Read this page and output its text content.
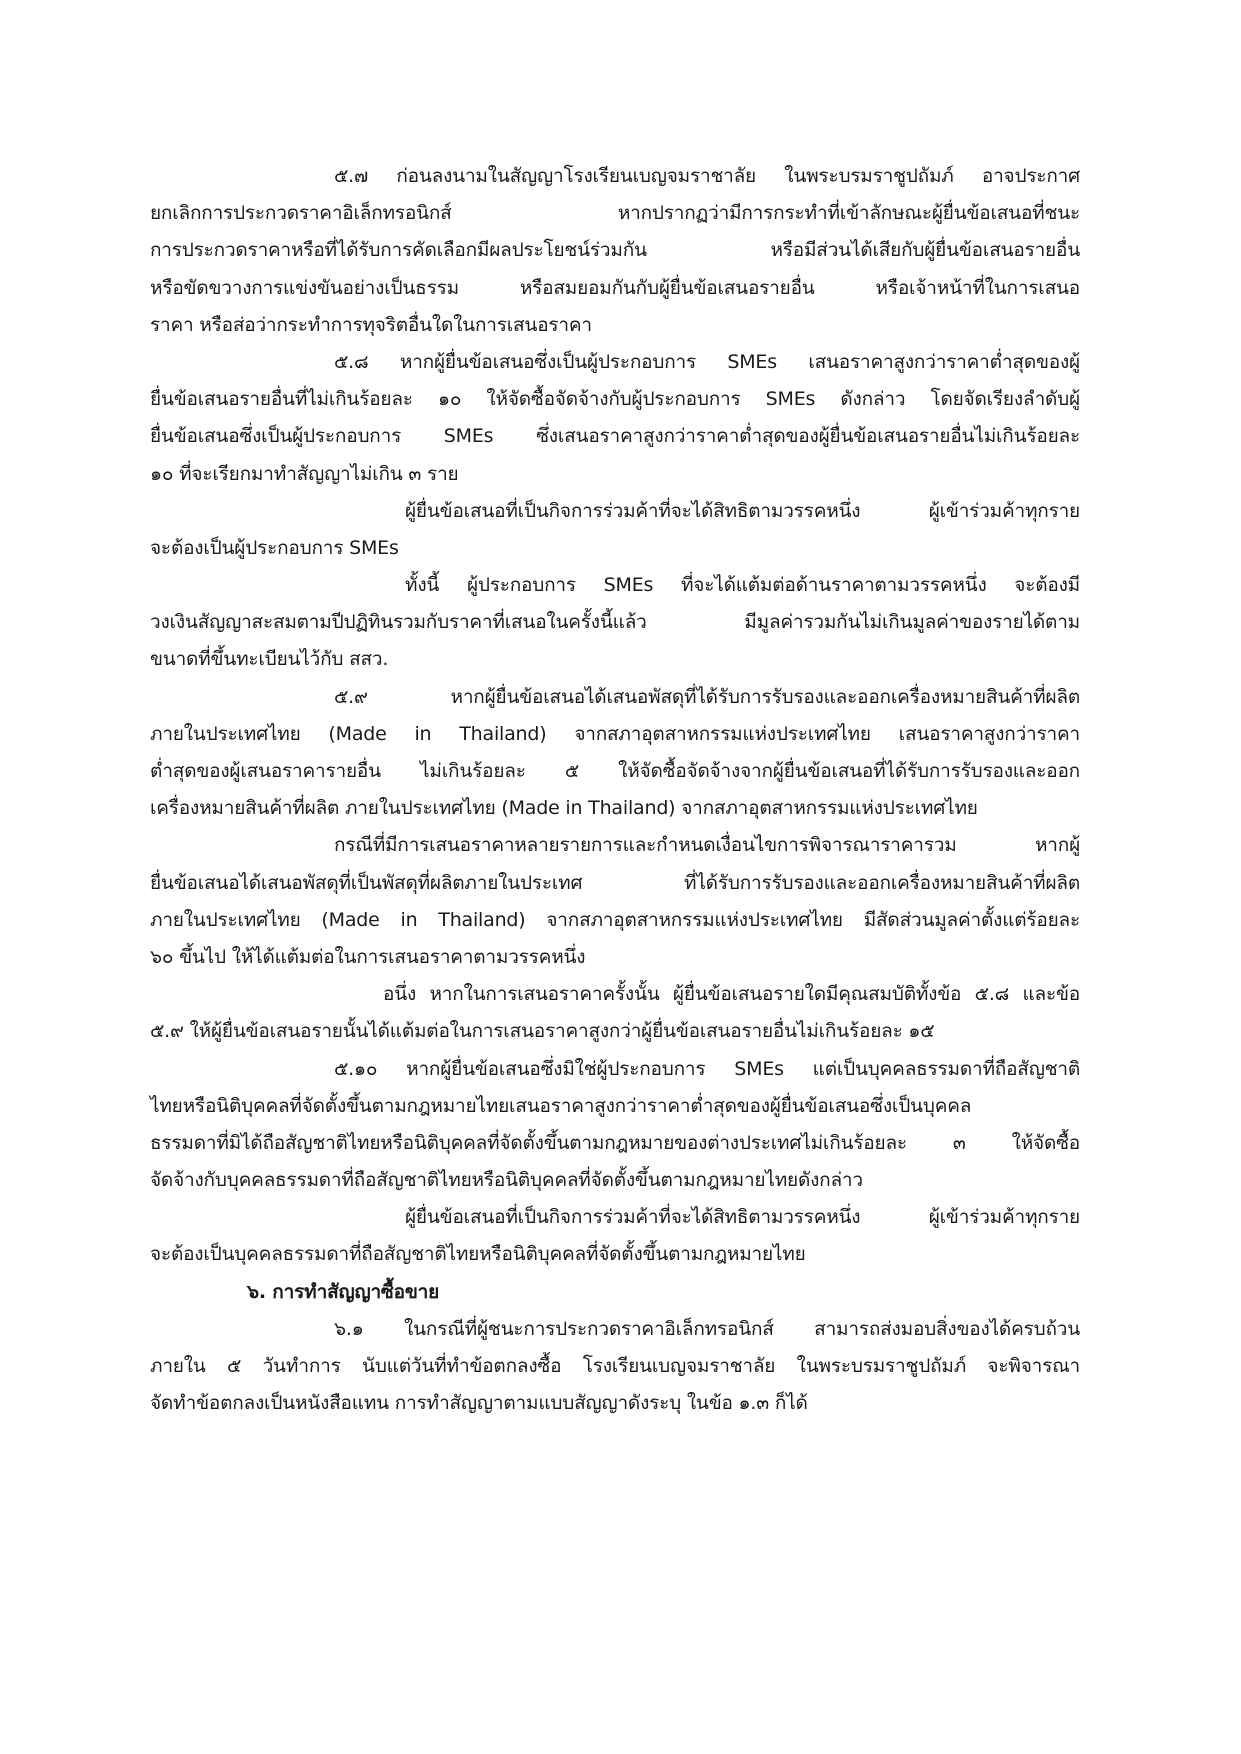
๕.๗ ก่อนลงนามในสัญญาโรงเรียนเบญจมราชาลัย ในพระบรมราชูปถัมภ์ อาจประกาศ
ยกเลิกการประกวดราคาอิเล็กทรอนิกส์ หากปรากฏว่ามีการกระทำที่เข้าลักษณะผู้ยื่นข้อเสนอที่ชนะ
การประกวดราคาหรือที่ได้รับการคัดเลือกมีผลประโยชน์ร่วมกัน หรือมีส่วนได้เสียกับผู้ยื่นข้อเสนอรายอื่น
หรือขัดขวางการแข่งขันอย่างเป็นธรรม หรือสมยอมกันกับผู้ยื่นข้อเสนอรายอื่น หรือเจ้าหน้าที่ในการเสนอ
ราคา หรือส่อว่ากระทำการทุจริตอื่นใดในการเสนอราคา
๕.๘ หากผู้ยื่นข้อเสนอซึ่งเป็นผู้ประกอบการ SMEs เสนอราคาสูงกว่าราคาต่ำสุดของผู้
ยื่นข้อเสนอรายอื่นที่ไม่เกินร้อยละ ๑๐ ให้จัดซื้อจัดจ้างกับผู้ประกอบการ SMEs ดังกล่าว โดยจัดเรียงลำดับผู้
ยื่นข้อเสนอซึ่งเป็นผู้ประกอบการ SMEs ซึ่งเสนอราคาสูงกว่าราคาต่ำสุดของผู้ยื่นข้อเสนอรายอื่นไม่เกินร้อยละ
๑๐ ที่จะเรียกมาทำสัญญาไม่เกิน ๓ ราย
ผู้ยื่นข้อเสนอที่เป็นกิจการร่วมค้าที่จะได้สิทธิตามวรรคหนึ่ง ผู้เข้าร่วมค้าทุกราย
จะต้องเป็นผู้ประกอบการ SMEs
ทั้งนี้ ผู้ประกอบการ SMEs ที่จะได้แต้มต่อด้านราคาตามวรรคหนึ่ง จะต้องมี
วงเงินสัญญาสะสมตามปีปฏิทินรวมกับราคาที่เสนอในครั้งนี้แล้ว มีมูลค่ารวมกันไม่เกินมูลค่าของรายได้ตาม
ขนาดที่ขึ้นทะเบียนไว้กับ สสว.
๕.๙ หากผู้ยื่นข้อเสนอได้เสนอพัสดุที่ได้รับการรับรองและออกเครื่องหมายสินค้าที่ผลิต
ภายในประเทศไทย (Made in Thailand) จากสภาอุตสาหกรรมแห่งประเทศไทย เสนอราคาสูงกว่าราคา
ต่ำสุดของผู้เสนอราคารายอื่น ไม่เกินร้อยละ ๕ ให้จัดซื้อจัดจ้างจากผู้ยื่นข้อเสนอที่ได้รับการรับรองและออก
เครื่องหมายสินค้าที่ผลิต ภายในประเทศไทย (Made in Thailand) จากสภาอุตสาหกรรมแห่งประเทศไทย
กรณีที่มีการเสนอราคาหลายรายการและกำหนดเงื่อนไขการพิจารณาราคารวม หากผู้
ยื่นข้อเสนอได้เสนอพัสดุที่เป็นพัสดุที่ผลิตภายในประเทศ ที่ได้รับการรับรองและออกเครื่องหมายสินค้าที่ผลิต
ภายในประเทศไทย (Made in Thailand) จากสภาอุตสาหกรรมแห่งประเทศไทย มีสัดส่วนมูลค่าตั้งแต่ร้อยละ
๖๐ ขึ้นไป ให้ได้แต้มต่อในการเสนอราคาตามวรรคหนึ่ง
อนึ่ง หากในการเสนอราคาครั้งนั้น ผู้ยื่นข้อเสนอรายใดมีคุณสมบัติทั้งข้อ ๕.๘ และข้อ
๕.๙ ให้ผู้ยื่นข้อเสนอรายนั้นได้แต้มต่อในการเสนอราคาสูงกว่าผู้ยื่นข้อเสนอรายอื่นไม่เกินร้อยละ ๑๕
๕.๑๐ หากผู้ยื่นข้อเสนอซึ่งมิใช่ผู้ประกอบการ SMEs แต่เป็นบุคคลธรรมดาที่ถือสัญชาติ
ไทยหรือนิติบุคคลที่จัดตั้งขึ้นตามกฎหมายไทยเสนอราคาสูงกว่าราคาต่ำสุดของผู้ยื่นข้อเสนอซึ่งเป็นบุคคล
ธรรมดาที่มิได้ถือสัญชาติไทยหรือนิติบุคคลที่จัดตั้งขึ้นตามกฎหมายของต่างประเทศไม่เกินร้อยละ ๓ ให้จัดซื้อ
จัดจ้างกับบุคคลธรรมดาที่ถือสัญชาติไทยหรือนิติบุคคลที่จัดตั้งขึ้นตามกฎหมายไทยดังกล่าว
ผู้ยื่นข้อเสนอที่เป็นกิจการร่วมค้าที่จะได้สิทธิตามวรรคหนึ่ง ผู้เข้าร่วมค้าทุกราย
จะต้องเป็นบุคคลธรรมดาที่ถือสัญชาติไทยหรือนิติบุคคลที่จัดตั้งขึ้นตามกฎหมายไทย
๖. การทำสัญญาซื้อขาย
๖.๑ ในกรณีที่ผู้ชนะการประกวดราคาอิเล็กทรอนิกส์ สามารถส่งมอบสิ่งของได้ครบถ้วน
ภายใน ๕ วันทำการ นับแต่วันที่ทำข้อตกลงซื้อ โรงเรียนเบญจมราชาลัย ในพระบรมราชูปถัมภ์ จะพิจารณา
จัดทำข้อตกลงเป็นหนังสือแทน การทำสัญญาตามแบบสัญญาดังระบุ ในข้อ ๑.๓ ก็ได้
